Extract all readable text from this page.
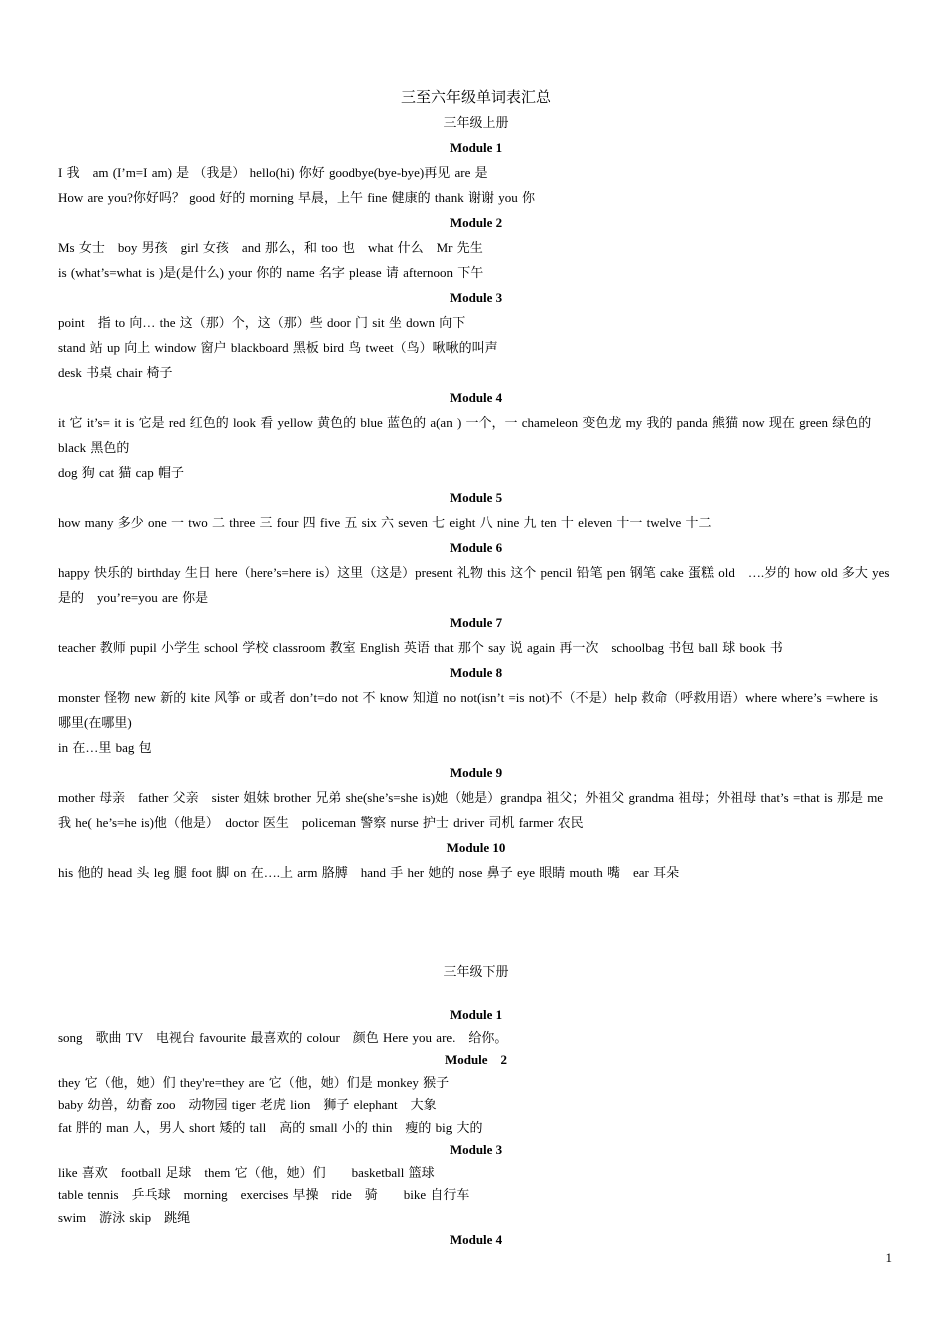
三至六年级单词表汇总

三年级上册

Module 1

I 我　am (I’m=I am) 是 （我是） hello(hi) 你好 goodbye(bye-bye)再见 are 是

How are you?你好吗？ good 好的 morning 早晨，上午 fine 健康的 thank 谢谢 you 你

Module 2

Ms 女士　boy 男孩　girl 女孩　and 那么，和 too 也　what 什么　Mr 先生

is (what’s=what is )是(是什么) your 你的 name 名字 please 请 afternoon 下午

Module 3

point　指 to 向… the 这（那）个，这（那）些 door 门 sit 坐 down 向下

stand 站 up 向上 window 窗户 blackboard 黑板 bird 鸟 tweet（鸟）啾啾的叫声

desk 书桌 chair 椅子

Module 4

it 它 it’s= it is 它是 red 红色的 look 看 yellow 黄色的 blue 蓝色的 a(an ) 一个，一 chameleon 变色龙 my 我的 panda 熊猫 now 现在 green 绿色的 black 黑色的

dog 狗 cat 猫 cap 帽子

Module 5

how many 多少 one 一 two 二 three 三 four 四 five 五 six 六 seven 七 eight 八 nine 九 ten 十 eleven 十一 twelve 十二

Module 6

happy 快乐的 birthday 生日 here（here’s=here is）这里（这是）present 礼物 this 这个 pencil 铅笔 pen 钢笔 cake 蛋糕 old　….岁的 how old 多大 yes 是的　you’re=you are 你是

Module 7

teacher 教师 pupil 小学生 school 学校 classroom 教室 English 英语 that 那个 say 说 again 再一次　schoolbag 书包 ball 球 book 书

Module 8

monster 怪物 new 新的 kite 风筝 or 或者 don’t=do not 不 know 知道 no not(isn’t =is not)不（不是）help 救命（呼救用语）where where’s =where is 哪里(在哪里)

in 在…里 bag 包

Module 9

mother 母亲　father 父亲　sister 姐妹 brother 兄弟 she(she’s=she is)她（她是）grandpa 祖父；外祖父 grandma 祖母；外祖母 that’s =that is 那是 me 我 he( he’s=he is)他（他是）　doctor 医生　policeman 警察 nurse 护士 driver 司机 farmer 农民

Module 10

his 他的 head 头 leg 腿 foot 脚 on 在….上 arm 胳膊　hand 手 her 她的 nose 鼻子 eye 眼睛 mouth 嘴　ear 耳朵

三年级下册

Module 1

song　歌曲 TV　电视台 favourite 最喜欢的 colour　颜色 Here you are.　给你。

Module　2

they 它（他，她）们 they're=they are 它（他，她）们是 monkey 猴子

baby 幼兽，幼畜 zoo　动物园 tiger 老虎 lion　狮子 elephant　大象

fat 胖的 man 人，男人 short 矮的 tall　高的 small 小的 thin　瘦的 big 大的

Module 3

like 喜欢　football 足球　them 它（他，她）们　　basketball 篮球

table tennis　乒乓球　morning　exercises 早操　ride　骑　　bike 自行车

swim　游泳 skip　跳绳

Module 4

1
